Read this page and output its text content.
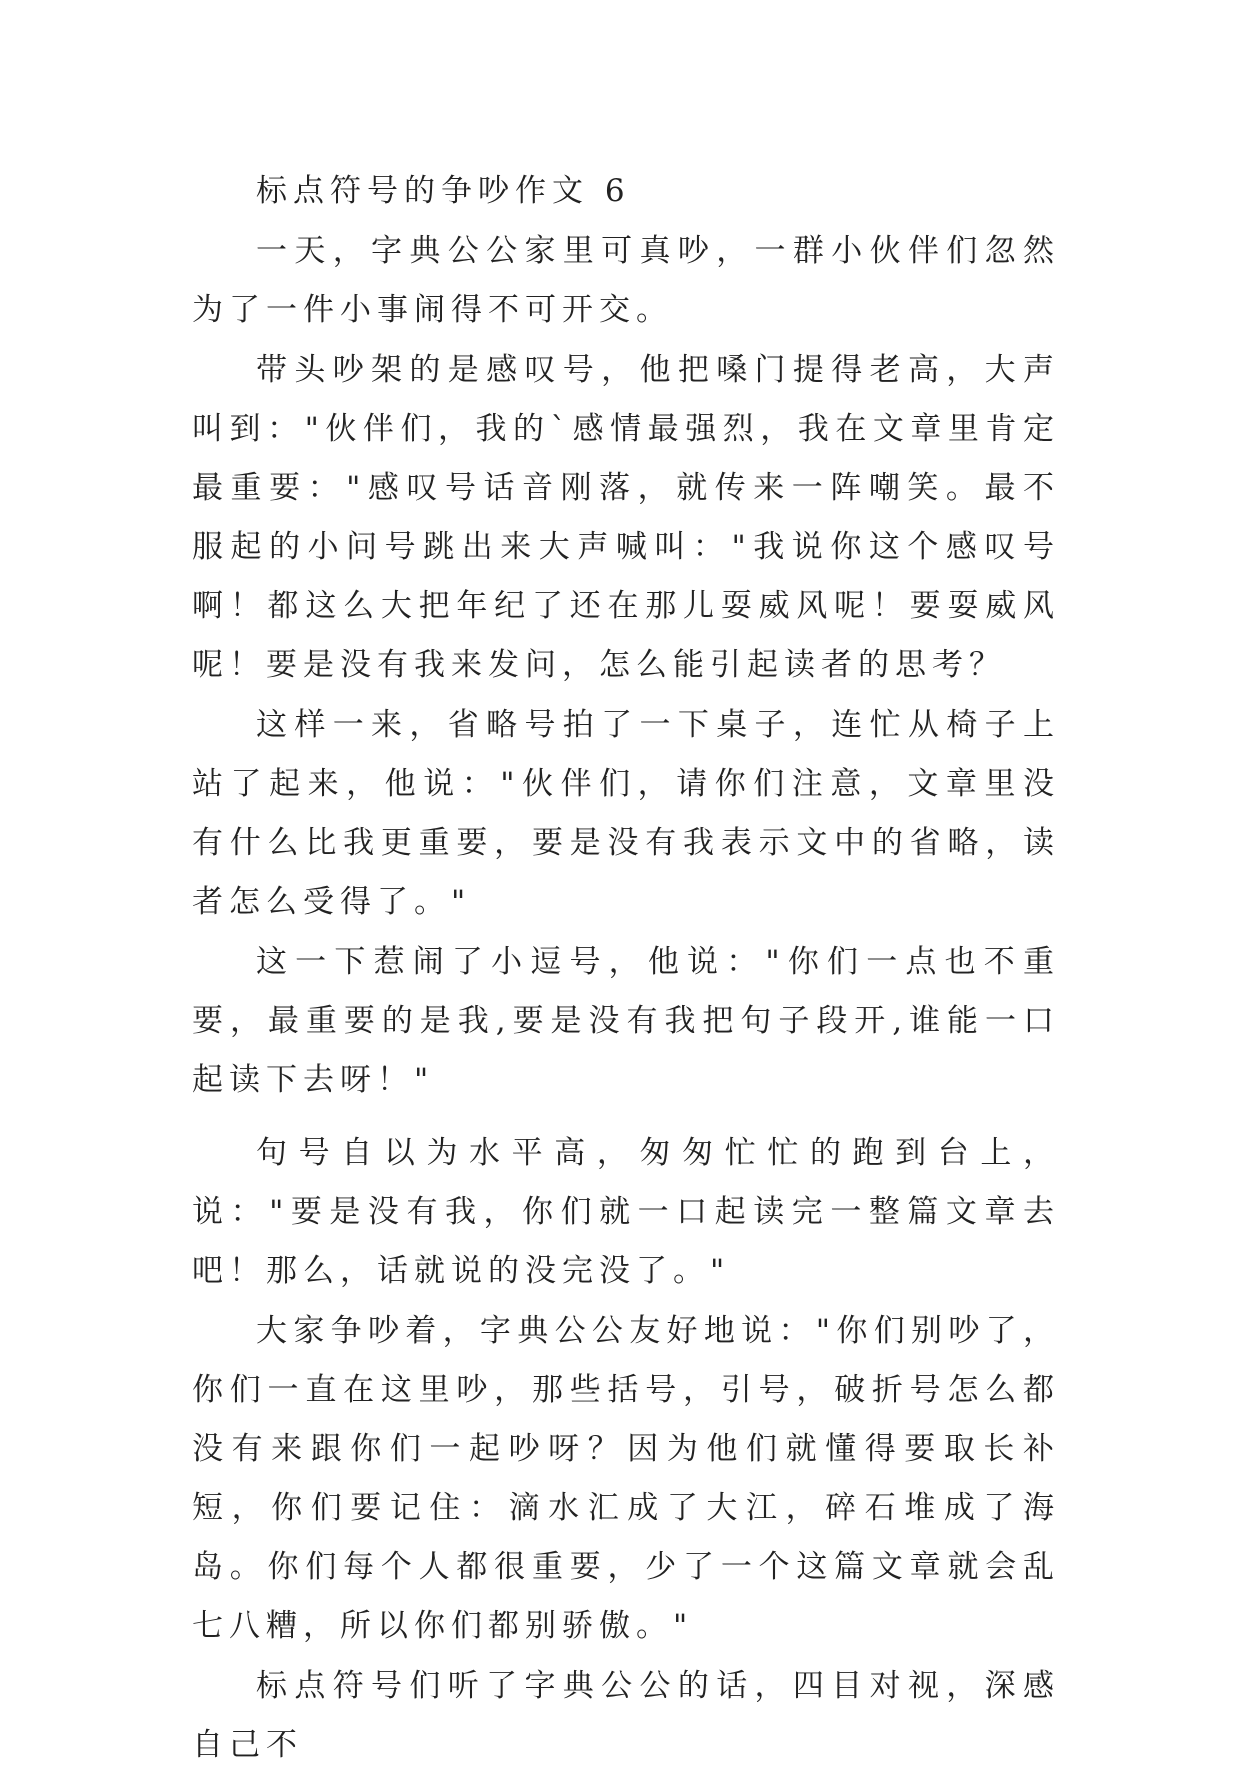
标点符号的争吵作文 6

一天，字典公公家里可真吵，一群小伙伴们忽然为了一件小事闹得不可开交。

带头吵架的是感叹号，他把嗓门提得老高，大声叫到："伙伴们，我的`感情最强烈，我在文章里肯定最重要："感叹号话音刚落，就传来一阵嘲笑。最不服起的小问号跳出来大声喊叫："我说你这个感叹号啊！都这么大把年纪了还在那儿耍威风呢！要耍威风呢！要是没有我来发问，怎么能引起读者的思考？

这样一来，省略号拍了一下桌子，连忙从椅子上站了起来，他说："伙伴们，请你们注意，文章里没有什么比我更重要，要是没有我表示文中的省略，读者怎么受得了。"

这一下惹闹了小逗号，他说："你们一点也不重要，最重要的是我,要是没有我把句子段开,谁能一口起读下去呀！"

句号自以为水平高，匆匆忙忙的跑到台上，说："要是没有我，你们就一口起读完一整篇文章去吧！那么，话就说的没完没了。"

大家争吵着，字典公公友好地说："你们别吵了，你们一直在这里吵，那些括号，引号，破折号怎么都没有来跟你们一起吵呀？因为他们就懂得要取长补短，你们要记住：滴水汇成了大江，碎石堆成了海岛。你们每个人都很重要，少了一个这篇文章就会乱七八糟，所以你们都别骄傲。"

标点符号们听了字典公公的话，四目对视，深感自己不
